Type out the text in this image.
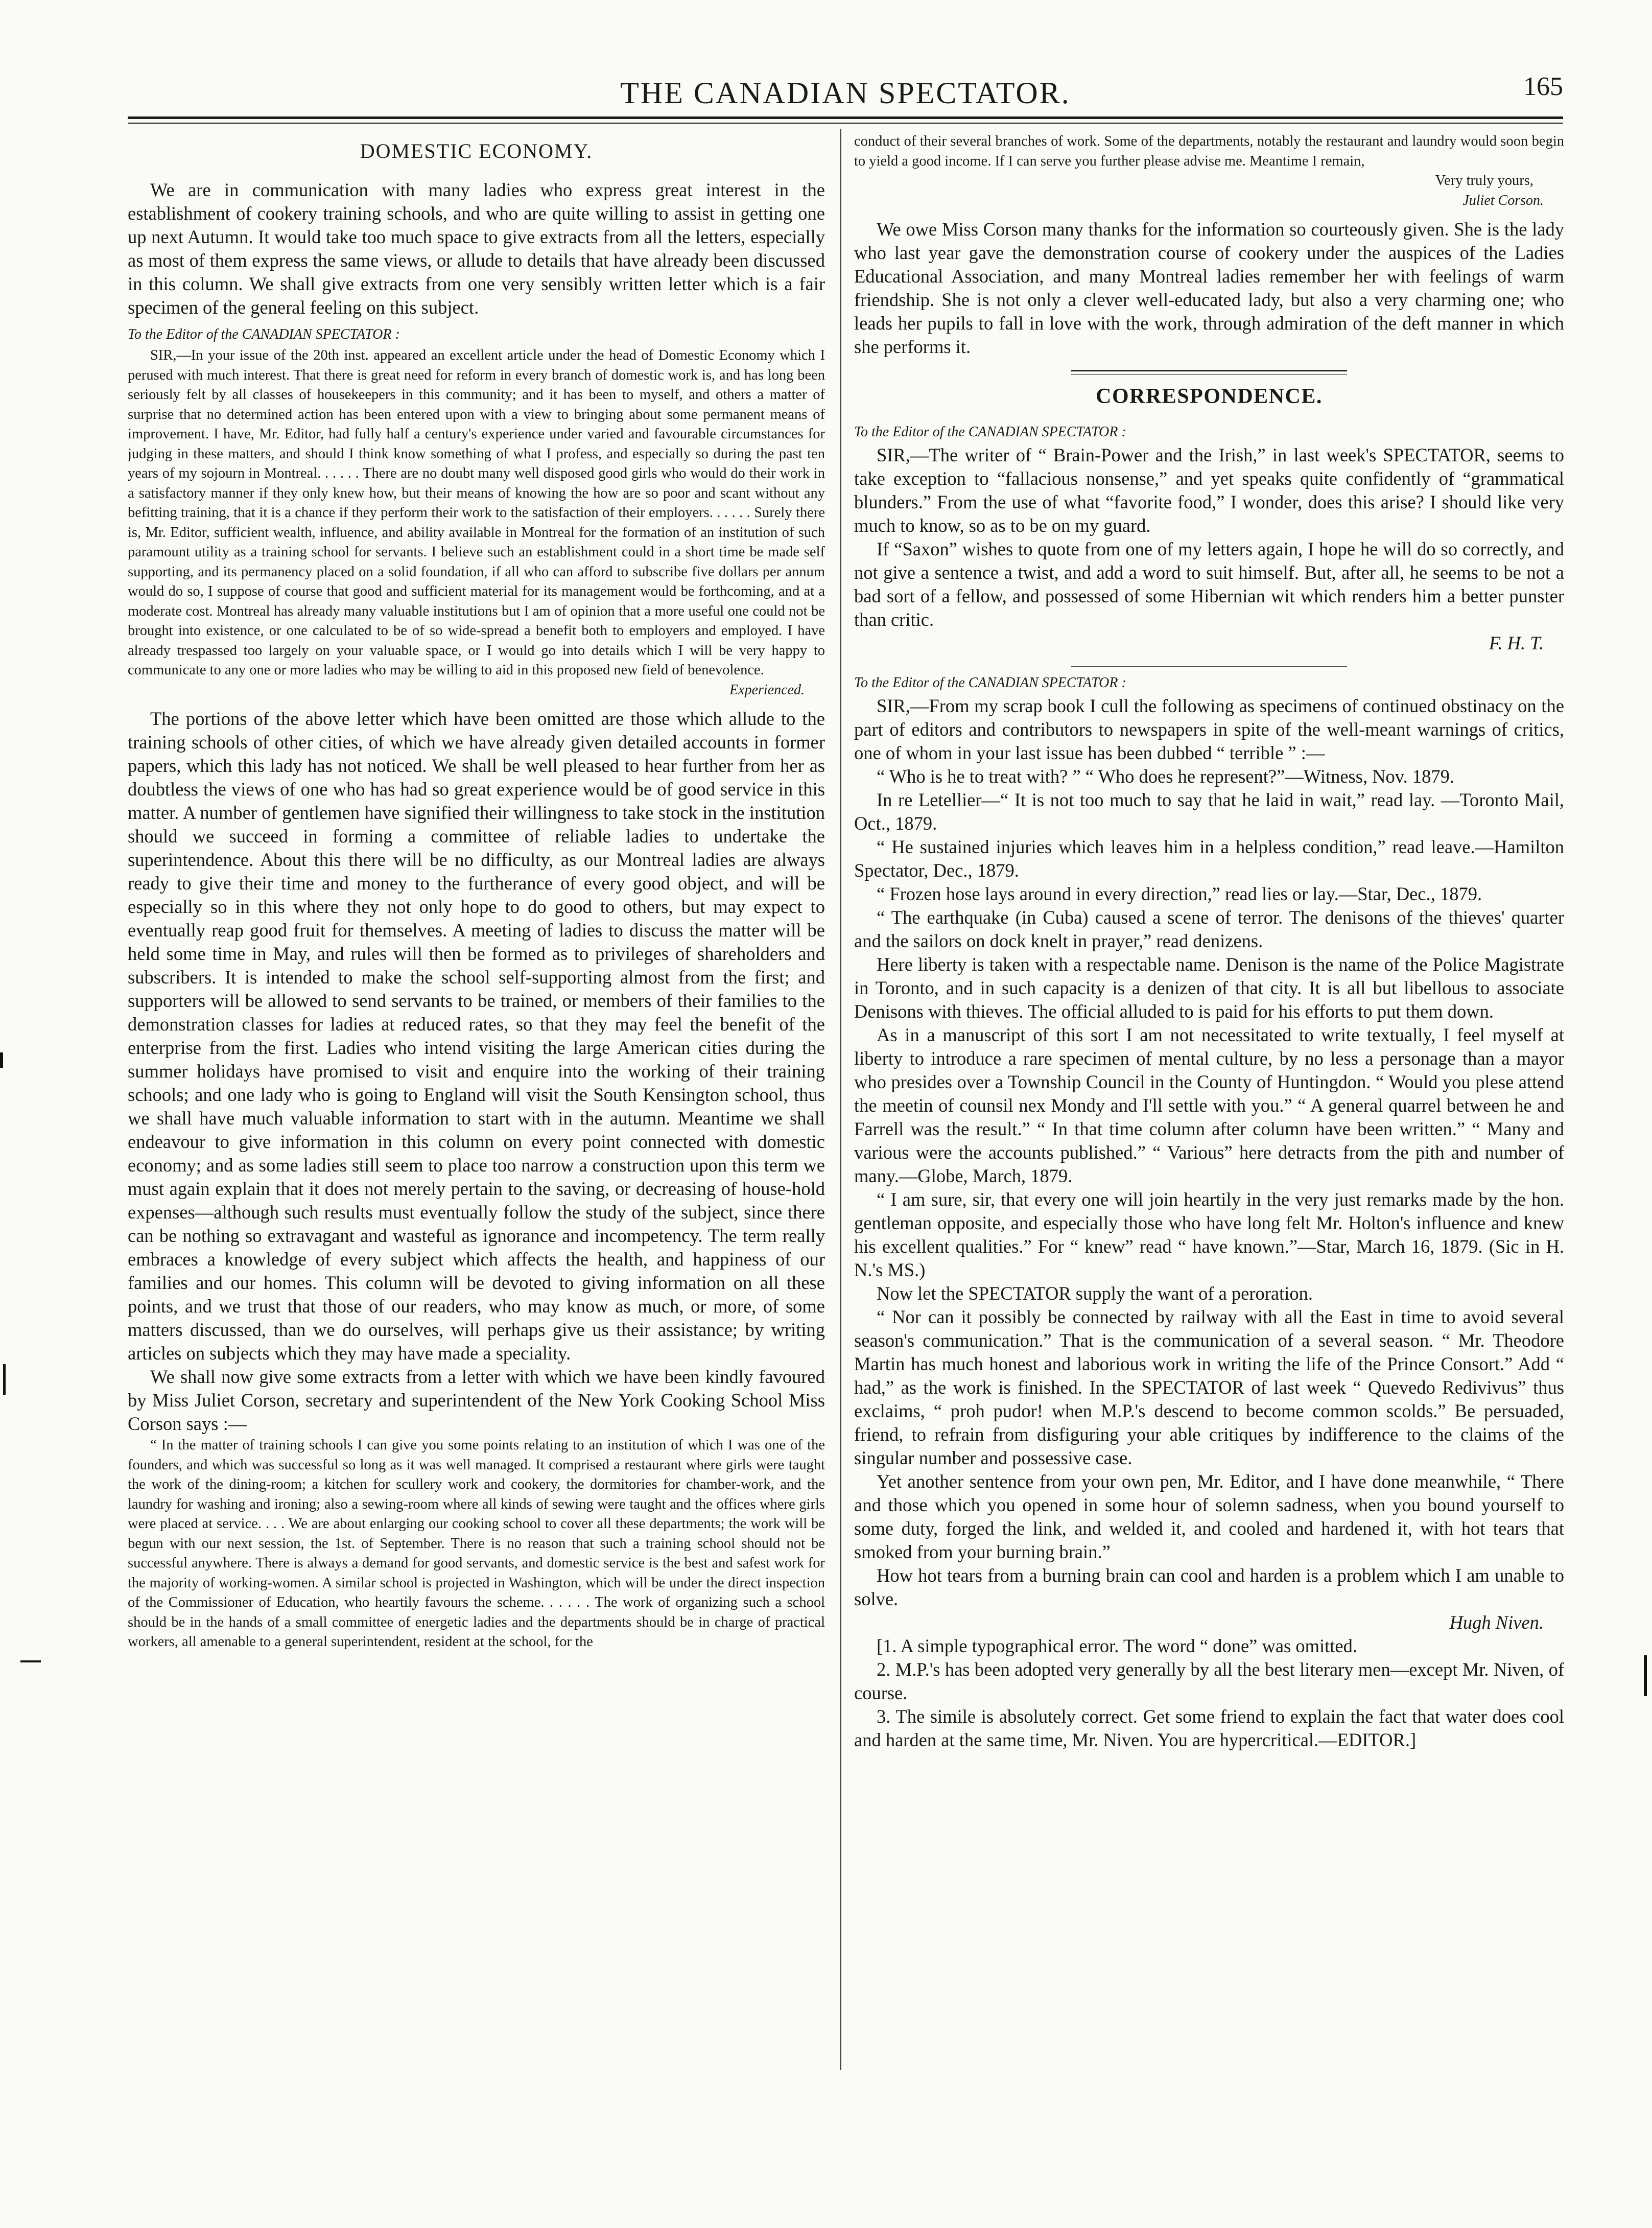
THE CANADIAN SPECTATOR.	165
DOMESTIC ECONOMY.

We are in communication with many ladies who express great interest in the establishment of cookery training schools, and who are quite willing to assist in getting one up next Autumn. It would take too much space to give extracts from all the letters, especially as most of them express the same views, or allude to details that have already been discussed in this column. We shall give extracts from one very sensibly written letter which is a fair specimen of the general feeling on this subject.

To the Editor of the CANADIAN SPECTATOR :

SIR,—In your issue of the 20th inst. appeared an excellent article under the head of Domestic Economy which I perused with much interest. That there is great need for reform in every branch of domestic work is, and has long been seriously felt by all classes of housekeepers in this community; and it has been to myself, and others a matter of surprise that no determined action has been entered upon with a view to bringing about some permanent means of improvement. I have, Mr. Editor, had fully half a century's experience under varied and favourable circumstances for judging in these matters, and should I think know something of what I profess, and especially so during the past ten years of my sojourn in Montreal. . . . . . There are no doubt many well disposed good girls who would do their work in a satisfactory manner if they only knew how, but their means of knowing the how are so poor and scant without any befitting training, that it is a chance if they perform their work to the satisfaction of their employers. . . . . . Surely there is, Mr. Editor, sufficient wealth, influence, and ability available in Montreal for the formation of an institution of such paramount utility as a training school for servants. I believe such an establishment could in a short time be made self supporting, and its permanency placed on a solid foundation, if all who can afford to subscribe five dollars per annum would do so, I suppose of course that good and sufficient material for its management would be forthcoming, and at a moderate cost. Montreal has already many valuable institutions but I am of opinion that a more useful one could not be brought into existence, or one calculated to be of so wide-spread a benefit both to employers and employed. I have already trespassed too largely on your valuable space, or I would go into details which I will be very happy to communicate to any one or more ladies who may be willing to aid in this proposed new field of benevolence.

Experienced.

The portions of the above letter which have been omitted are those which allude to the training schools of other cities, of which we have already given detailed accounts in former papers, which this lady has not noticed. We shall be well pleased to hear further from her as doubtless the views of one who has had so great experience would be of good service in this matter. A number of gentlemen have signified their willingness to take stock in the institution should we succeed in forming a committee of reliable ladies to undertake the superintendence. About this there will be no difficulty, as our Montreal ladies are always ready to give their time and money to the furtherance of every good object, and will be especially so in this where they not only hope to do good to others, but may expect to eventually reap good fruit for themselves. A meeting of ladies to discuss the matter will be held some time in May, and rules will then be formed as to privileges of shareholders and subscribers. It is intended to make the school self-supporting almost from the first; and supporters will be allowed to send servants to be trained, or members of their families to the demonstration classes for ladies at reduced rates, so that they may feel the benefit of the enterprise from the first. Ladies who intend visiting the large American cities during the summer holidays have promised to visit and enquire into the working of their training schools; and one lady who is going to England will visit the South Kensington school, thus we shall have much valuable information to start with in the autumn. Meantime we shall endeavour to give information in this column on every point connected with domestic economy; and as some ladies still seem to place too narrow a construction upon this term we must again explain that it does not merely pertain to the saving, or decreasing of house-hold expenses—although such results must eventually follow the study of the subject, since there can be nothing so extravagant and wasteful as ignorance and incompetency. The term really embraces a knowledge of every subject which affects the health, and happiness of our families and our homes. This column will be devoted to giving information on all these points, and we trust that those of our readers, who may know as much, or more, of some matters discussed, than we do ourselves, will perhaps give us their assistance; by writing articles on subjects which they may have made a speciality.

We shall now give some extracts from a letter with which we have been kindly favoured by Miss Juliet Corson, secretary and superintendent of the New York Cooking School Miss Corson says :—

“ In the matter of training schools I can give you some points relating to an institution of which I was one of the founders, and which was successful so long as it was well managed. It comprised a restaurant where girls were taught the work of the dining-room; a kitchen for scullery work and cookery, the dormitories for chamber-work, and the laundry for washing and ironing; also a sewing-room where all kinds of sewing were taught and the offices where girls were placed at service. . . . We are about enlarging our cooking school to cover all these departments; the work will be begun with our next session, the 1st. of September. There is no reason that such a training school should not be successful anywhere. There is always a demand for good servants, and domestic service is the best and safest work for the majority of working-women. A similar school is projected in Washington, which will be under the direct inspection of the Commissioner of Education, who heartily favours the scheme. . . . . . The work of organizing such a school should be in the hands of a small committee of energetic ladies and the departments should be in charge of practical workers, all amenable to a general superintendent, resident at the school, for the

conduct of their several branches of work. Some of the departments, notably the restaurant and laundry would soon begin to yield a good income. If I can serve you further please advise me. Meantime I remain,

Very truly yours,

Juliet Corson.

We owe Miss Corson many thanks for the information so courteously given. She is the lady who last year gave the demonstration course of cookery under the auspices of the Ladies Educational Association, and many Montreal ladies remember her with feelings of warm friendship. She is not only a clever well-educated lady, but also a very charming one; who leads her pupils to fall in love with the work, through admiration of the deft manner in which she performs it.

CORRESPONDENCE.
To the Editor of the CANADIAN SPECTATOR :

SIR,—The writer of “ Brain-Power and the Irish,” in last week's SPECTATOR, seems to take exception to “fallacious nonsense,” and yet speaks quite confidently of “grammatical blunders.” From the use of what “favorite food,” I wonder, does this arise? I should like very much to know, so as to be on my guard.

If “Saxon” wishes to quote from one of my letters again, I hope he will do so correctly, and not give a sentence a twist, and add a word to suit himself. But, after all, he seems to be not a bad sort of a fellow, and possessed of some Hibernian wit which renders him a better punster than critic.

F. H. T.

To the Editor of the CANADIAN SPECTATOR :

SIR,—From my scrap book I cull the following as specimens of continued obstinacy on the part of editors and contributors to newspapers in spite of the well-meant warnings of critics, one of whom in your last issue has been dubbed “ terrible ” :—

“ Who is he to treat with? ” “ Who does he represent?”—Witness, Nov. 1879.

In re Letellier—“ It is not too much to say that he laid in wait,” read lay. —Toronto Mail, Oct., 1879.

“ He sustained injuries which leaves him in a helpless condition,” read leave.—Hamilton Spectator, Dec., 1879.

“ Frozen hose lays around in every direction,” read lies or lay.—Star, Dec., 1879.

“ The earthquake (in Cuba) caused a scene of terror. The denisons of the thieves' quarter and the sailors on dock knelt in prayer,” read denizens.

Here liberty is taken with a respectable name. Denison is the name of the Police Magistrate in Toronto, and in such capacity is a denizen of that city. It is all but libellous to associate Denisons with thieves. The official alluded to is paid for his efforts to put them down.

As in a manuscript of this sort I am not necessitated to write textually, I feel myself at liberty to introduce a rare specimen of mental culture, by no less a personage than a mayor who presides over a Township Council in the County of Huntingdon. “ Would you plese attend the meetin of counsil nex Mondy and I'll settle with you.” “ A general quarrel between he and Farrell was the result.” “ In that time column after column have been written.” “ Many and various were the accounts published.” “ Various” here detracts from the pith and number of many.—Globe, March, 1879.

“ I am sure, sir, that every one will join heartily in the very just remarks made by the hon. gentleman opposite, and especially those who have long felt Mr. Holton's influence and knew his excellent qualities.” For “ knew” read “ have known.”—Star, March 16, 1879. (Sic in H. N.'s MS.)

Now let the SPECTATOR supply the want of a peroration.

“ Nor can it possibly be connected by railway with all the East in time to avoid several season's communication.” That is the communication of a several season. “ Mr. Theodore Martin has much honest and laborious work in writing the life of the Prince Consort.” Add “ had,” as the work is finished. In the SPECTATOR of last week “ Quevedo Redivivus” thus exclaims, “ proh pudor! when M.P.'s descend to become common scolds.” Be persuaded, friend, to refrain from disfiguring your able critiques by indifference to the claims of the singular number and possessive case.

Yet another sentence from your own pen, Mr. Editor, and I have done meanwhile, “ There and those which you opened in some hour of solemn sadness, when you bound yourself to some duty, forged the link, and welded it, and cooled and hardened it, with hot tears that smoked from your burning brain.”

How hot tears from a burning brain can cool and harden is a problem which I am unable to solve.

Hugh Niven.

[1. A simple typographical error. The word “ done” was omitted.

2. M.P.'s has been adopted very generally by all the best literary men—except Mr. Niven, of course.

3. The simile is absolutely correct. Get some friend to explain the fact that water does cool and harden at the same time, Mr. Niven. You are hypercritical.—EDITOR.]
